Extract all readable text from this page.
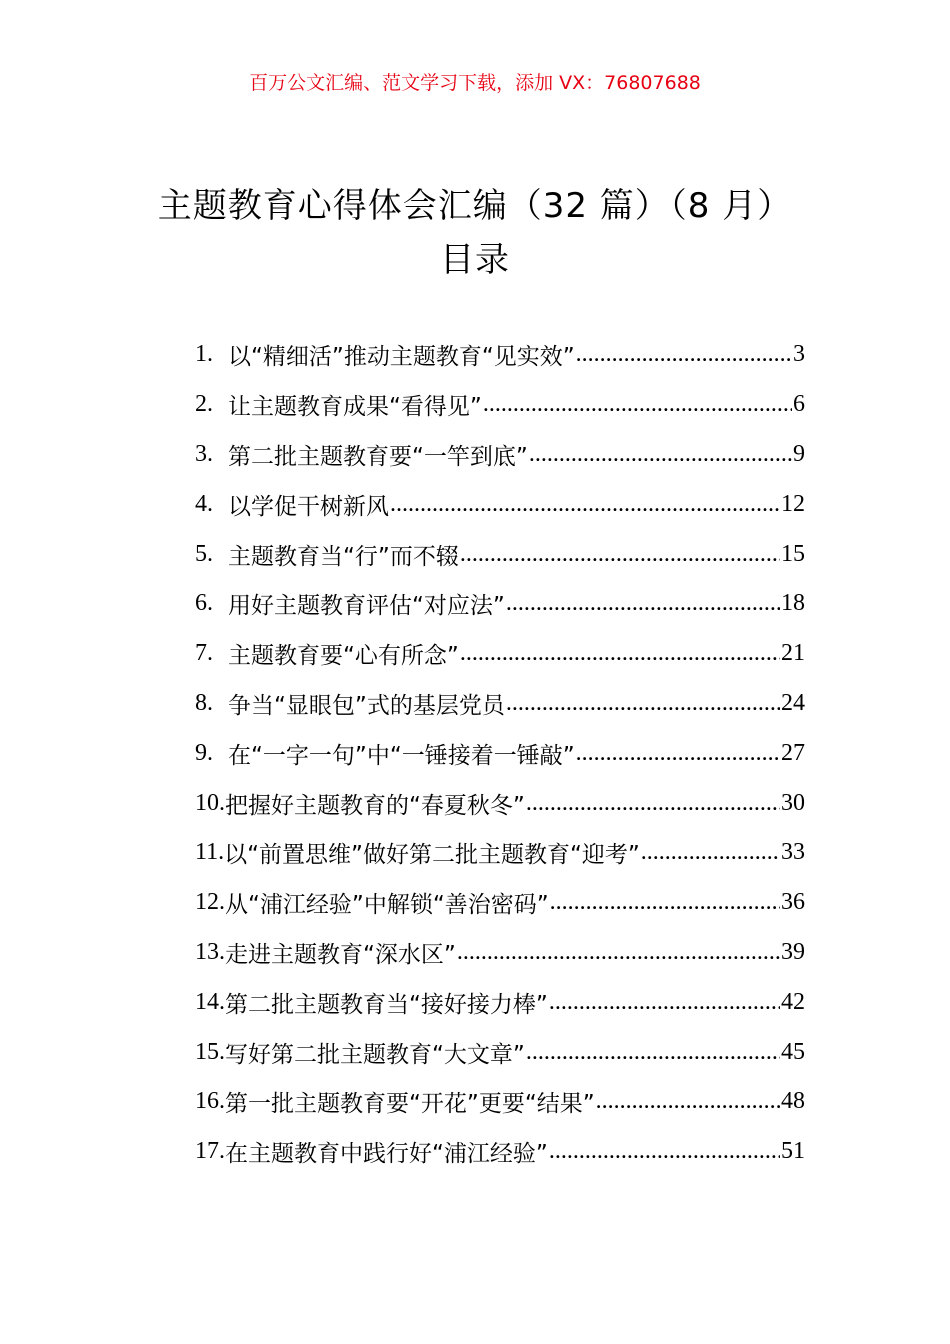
百万公文汇编、范文学习下载，添加 VX：76807688
主题教育心得体会汇编（32 篇）（8 月）
目录
1. 以“精细活”推动主题教育“见实效” .....	3
2. 让主题教育成果“看得见” .....	6
3. 第二批主题教育要“一竿到底” .....	9
4. 以学促干树新风 .....	12
5. 主题教育当“行”而不辍 .....	15
6. 用好主题教育评估“对应法” .....	18
7. 主题教育要“心有所念” .....	21
8. 争当“显眼包”式的基层党员 .....	24
9. 在“一字一句”中“一锤接着一锤敲” .....	27
10. 把握好主题教育的“春夏秋冬” .....	30
11. 以“前置思维”做好第二批主题教育“迎考” .....	33
12. 从“浦江经验”中解锁“善治密码” .....	36
13. 走进主题教育“深水区” .....	39
14. 第二批主题教育当“接好接力棒” .....	42
15. 写好第二批主题教育“大文章” .....	45
16. 第一批主题教育要“开花”更要“结果” .....	48
17. 在主题教育中践行好“浦江经验” .....	51
